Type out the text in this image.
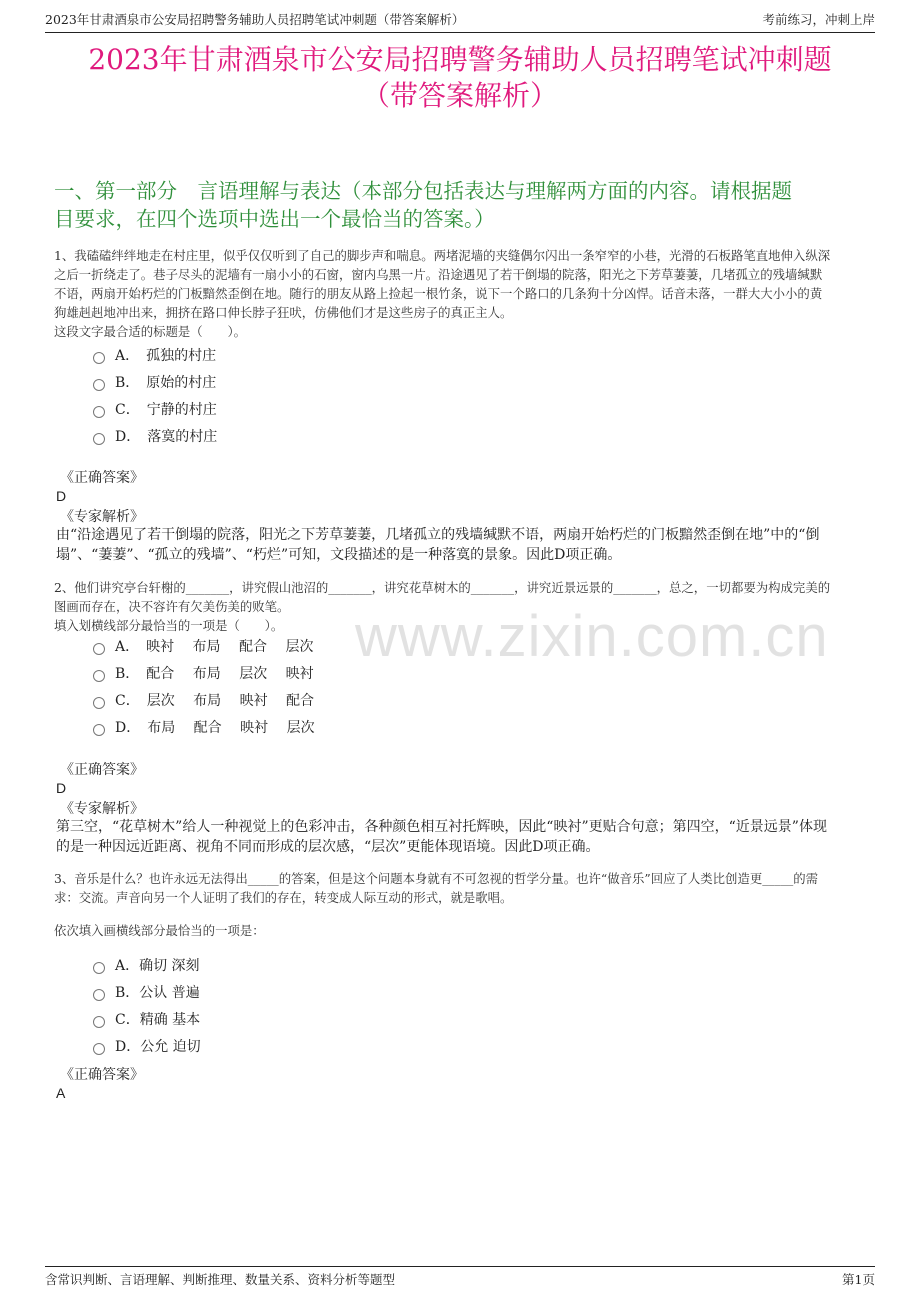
2023年甘肃酒泉市公安局招聘警务辅助人员招聘笔试冲刺题（带答案解析）	考前练习，冲刺上岸
2023年甘肃酒泉市公安局招聘警务辅助人员招聘笔试冲刺题
（带答案解析）
一、第一部分　言语理解与表达（本部分包括表达与理解两方面的内容。请根据题
目要求，在四个选项中选出一个最恰当的答案。）
1、我磕磕绊绊地走在村庄里，似乎仅仅听到了自己的脚步声和喘息。两堵泥墙的夹缝偶尔闪出一条窄窄的小巷，光滑的石板路笔直地伸入纵深
之后一折绕走了。巷子尽头的泥墙有一扇小小的石窗，窗内乌黑一片。沿途遇见了若干倒塌的院落，阳光之下芳草萋萋，几堵孤立的残墙缄默
不语，两扇开始朽烂的门板黯然歪倒在地。随行的朋友从路上捡起一根竹条，说下一个路口的几条狗十分凶悍。话音未落，一群大大小小的黄
狗雄赳赳地冲出来，拥挤在路口伸长脖子狂吠，仿佛他们才是这些房子的真正主人。
这段文字最合适的标题是（　　）。
A．　孤独的村庄
B．　原始的村庄
C．　宁静的村庄
D．　落寞的村庄
《正确答案》
D
《专家解析》
由“沿途遇见了若干倒塌的院落，阳光之下芳草萋萋，几堵孤立的残墙缄默不语，两扇开始朽烂的门板黯然歪倒在地”中的“倒
塌”、“萋萋”、“孤立的残墙”、“朽烂”可知，文段描述的是一种落寞的景象。因此D项正确。
2、他们讲究亭台轩榭的_______，讲究假山池沼的_______，讲究花草树木的_______，讲究近景远景的_______，总之，一切都要为构成完美的
图画而存在，决不容许有欠美伤美的败笔。
填入划横线部分最恰当的一项是（　　）。	www.zixin.com.cn
A．　映衬　 布局　 配合　 层次
B．　配合　 布局　 层次　 映衬
C．　层次　 布局　 映衬　 配合
D．　布局　 配合　 映衬　 层次
《正确答案》
D
《专家解析》
第三空，“花草树木”给人一种视觉上的色彩冲击，各种颜色相互衬托辉映，因此“映衬”更贴合句意；第四空，“近景远景”体现
的是一种因远近距离、视角不同而形成的层次感，“层次”更能体现语境。因此D项正确。
3、音乐是什么？也许永远无法得出_____的答案，但是这个问题本身就有不可忽视的哲学分量。也许“做音乐”回应了人类比创造更_____的需
求：交流。声音向另一个人证明了我们的存在，转变成人际互动的形式，就是歌唱。
依次填入画横线部分最恰当的一项是：
A．确切 深刻
B．公认 普遍
C．精确 基本
D．公允 迫切
《正确答案》
A
含常识判断、言语理解、判断推理、数量关系、资料分析等题型	第1页
